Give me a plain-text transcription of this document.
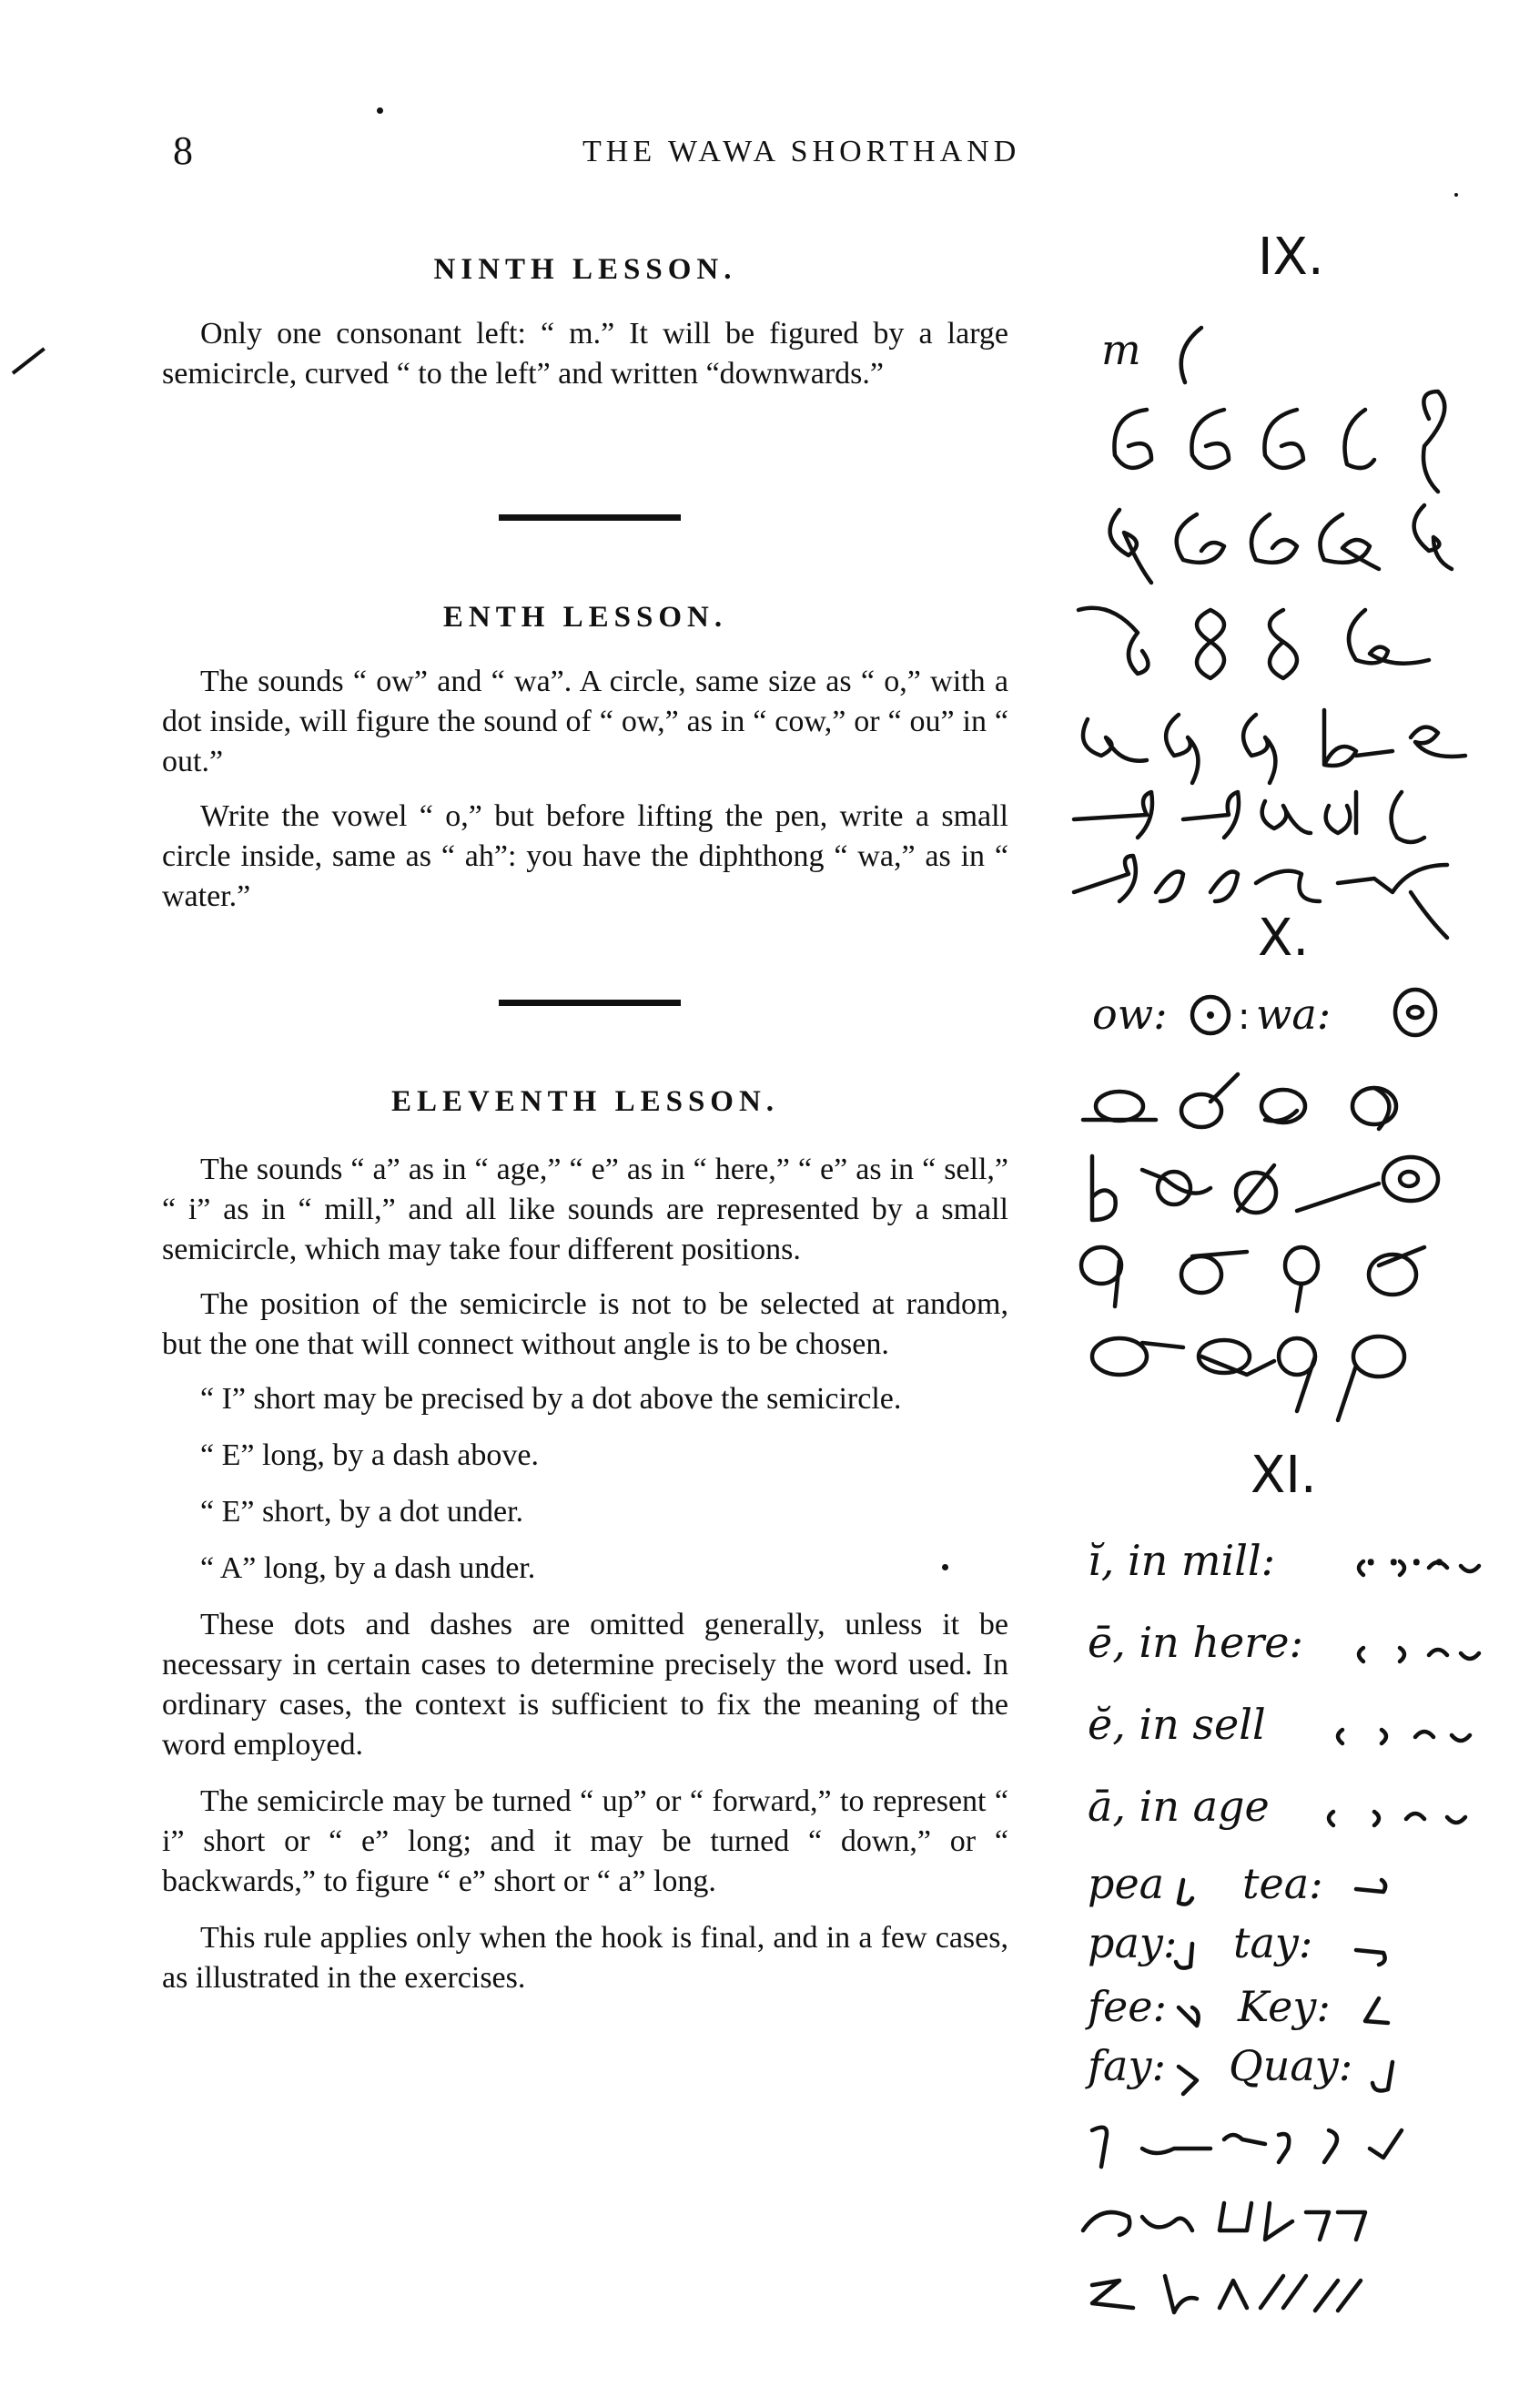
8	THE WAWA SHORTHAND
NINTH LESSON.

Only one consonant left: “ m.” It will be figured by a large semicircle, curved “ to the left” and written “downwards.”

ENTH LESSON.

The sounds “ ow” and “ wa”. A circle, same size as “ o,” with a dot inside, will figure the sound of “ ow,” as in “ cow,” or “ ou” in “ out.”

Write the vowel “ o,” but before lifting the pen, write a small circle inside, same as “ ah”: you have the diphthong “ wa,” as in “ water.”

ELEVENTH LESSON.

The sounds “ a” as in “ age,” “ e” as in “ here,” “ e” as in “ sell,” “ i” as in “ mill,” and all like sounds are represented by a small semicircle, which may take four different positions.

The position of the semicircle is not to be selected at random, but the one that will connect without angle is to be chosen.

“ I” short may be precised by a dot above the semicircle.

“ E” long, by a dash above.

“ E” short, by a dot under.

“ A” long, by a dash under.

These dots and dashes are omitted generally, unless it be necessary in certain cases to determine precisely the word used. In ordinary cases, the context is sufficient to fix the meaning of the word employed.

The semicircle may be turned “ up” or “ forward,” to represent “ i” short or “ e” long; and it may be turned “ down,” or “ backwards,” to figure “ e” short or “ a” long.

This rule applies only when the hook is final, and in a few cases, as illustrated in the exercises.

IX.
m
X.
ow: : wa:
XI.
ĭ, in mill: ꞏ ꞏ ꞏ ꞏ
ē, in here:
ĕ, in sell
ā, in age
pea tea:
pay: tay:
fee: Key:
fay: Quay:
